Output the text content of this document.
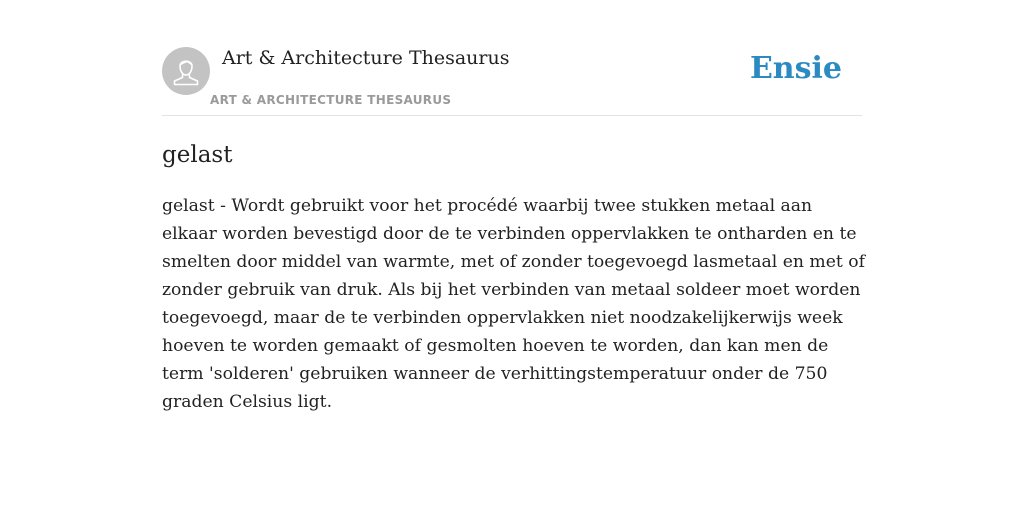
Art & Architecture Thesaurus
ART & ARCHITECTURE THESAURUS
Ensie
gelast

gelast - Wordt gebruikt voor het procédé waarbij twee stukken metaal aan elkaar worden bevestigd door de te verbinden oppervlakken te ontharden en te smelten door middel van warmte, met of zonder toegevoegd lasmetaal en met of zonder gebruik van druk. Als bij het verbinden van metaal soldeer moet worden toegevoegd, maar de te verbinden oppervlakken niet noodzakelijkerwijs week hoeven te worden gemaakt of gesmolten hoeven te worden, dan kan men de term 'solderen' gebruiken wanneer de verhittingstemperatuur onder de 750 graden Celsius ligt.
